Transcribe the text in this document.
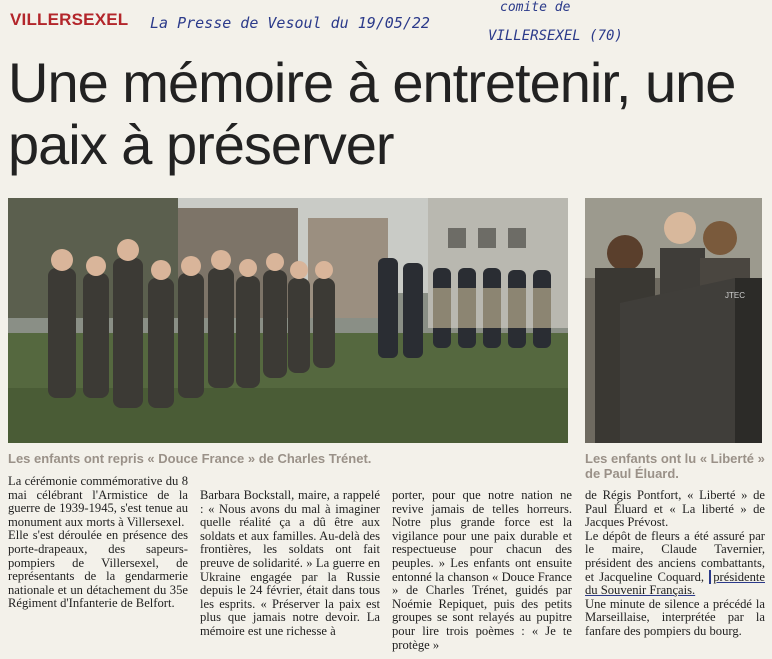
VILLERSEXEL La Presse de Vesoul du 19/05/22
comite de
VILLERSEXEL (70)
Une mémoire à entretenir, une
paix à préserver
JTEC
Les enfants ont repris « Douce France » de Charles Trénet.	Les enfants ont lu « Liberté » de Paul Éluard.

La cérémonie commémorative du 8 mai célébrant l'Armistice de la guerre de 1939-1945, s'est tenue au monument aux morts à Villersexel.

Elle s'est déroulée en présence des porte-drapeaux, des sapeurs-pompiers de Villersexel, de représentants de la gendarmerie nationale et un détachement du 35e Régiment d'Infanterie de Belfort.

Barbara Bockstall, maire, a rappelé : « Nous avons du mal à imaginer quelle réalité ça a dû être aux soldats et aux familles. Au-delà des frontières, les soldats ont fait preuve de solidarité. » La guerre en Ukraine engagée par la Russie depuis le 24 février, était dans tous les esprits. « Préserver la paix est plus que jamais notre devoir. La mémoire est une richesse à

porter, pour que notre nation ne revive jamais de telles horreurs. Notre plus grande force est la vigilance pour une paix durable et respectueuse pour chacun des peuples. » Les enfants ont ensuite entonné la chanson « Douce France » de Charles Trénet, guidés par Noémie Repiquet, puis des petits groupes se sont relayés au pupitre pour lire trois poèmes : « Je te protège »

de Régis Pontfort, « Liberté » de Paul Éluard et « La liberté » de Jacques Prévost.

Le dépôt de fleurs a été assuré par le maire, Claude Tavernier, président des anciens combattants, et Jacqueline Coquard, présidente du Souvenir Français.

Une minute de silence a précédé la Marseillaise, interprétée par la fanfare des pompiers du bourg.
